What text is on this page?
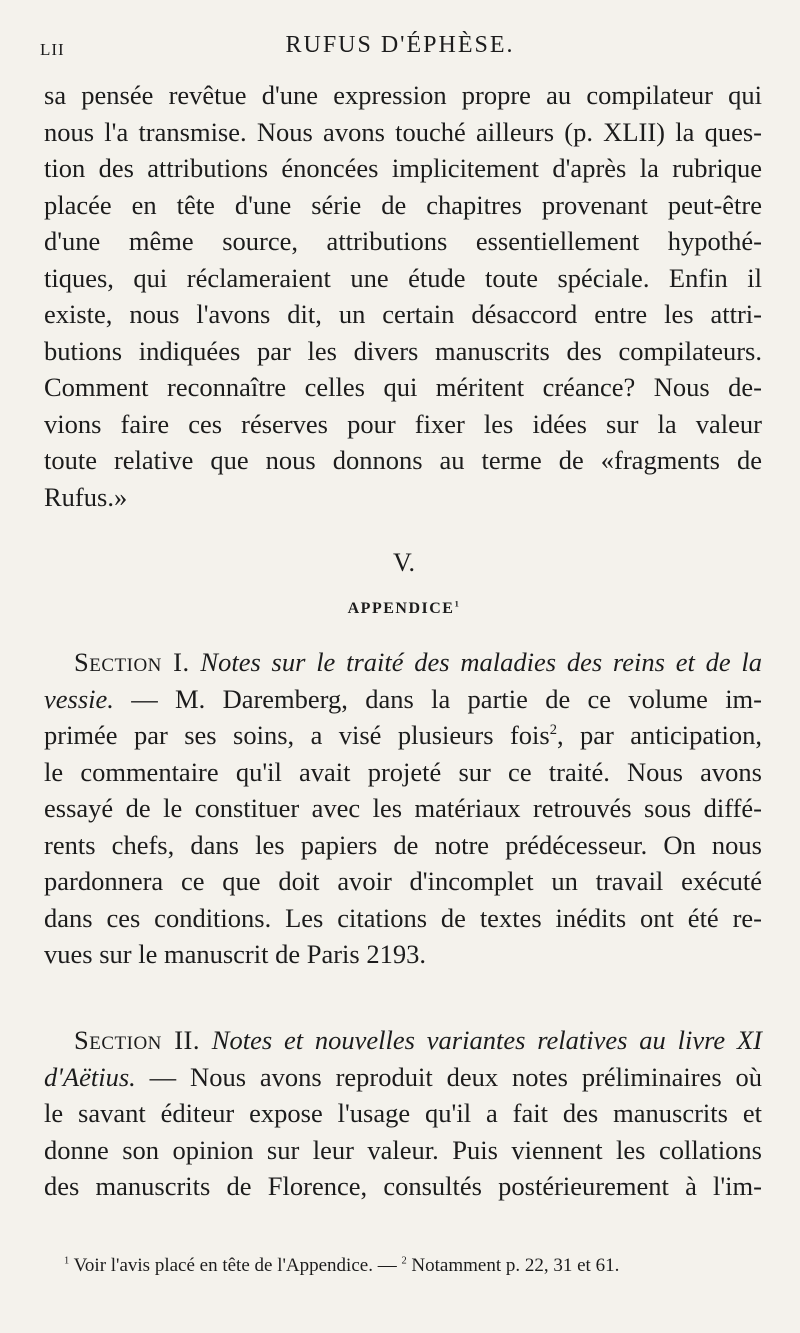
LII	RUFUS D'ÉPHÈSE.
sa pensée revêtue d'une expression propre au compilateur qui
nous l'a transmise. Nous avons touché ailleurs (p. XLII) la ques-
tion des attributions énoncées implicitement d'après la rubrique
placée en tête d'une série de chapitres provenant peut-être
d'une même source, attributions essentiellement hypothé-
tiques, qui réclameraient une étude toute spéciale. Enfin il
existe, nous l'avons dit, un certain désaccord entre les attri-
butions indiquées par les divers manuscrits des compilateurs.
Comment reconnaître celles qui méritent créance? Nous de-
vions faire ces réserves pour fixer les idées sur la valeur
toute relative que nous donnons au terme de «fragments de
Rufus.»
V.
APPENDICE$^1$
Section I. Notes sur le traité des maladies des reins et de la
vessie. — M. Daremberg, dans la partie de ce volume im-
primée par ses soins, a visé plusieurs fois$^2$, par anticipation,
le commentaire qu'il avait projeté sur ce traité. Nous avons
essayé de le constituer avec les matériaux retrouvés sous diffé-
rents chefs, dans les papiers de notre prédécesseur. On nous
pardonnera ce que doit avoir d'incomplet un travail exécuté
dans ces conditions. Les citations de textes inédits ont été re-
vues sur le manuscrit de Paris 2193.
Section II. Notes et nouvelles variantes relatives au livre XI
d'Aëtius. — Nous avons reproduit deux notes préliminaires où
le savant éditeur expose l'usage qu'il a fait des manuscrits et
donne son opinion sur leur valeur. Puis viennent les collations
des manuscrits de Florence, consultés postérieurement à l'im-
$^1$ Voir l'avis placé en tête de l'Appendice. — $^2$ Notamment p. 22, 31 et 61.
